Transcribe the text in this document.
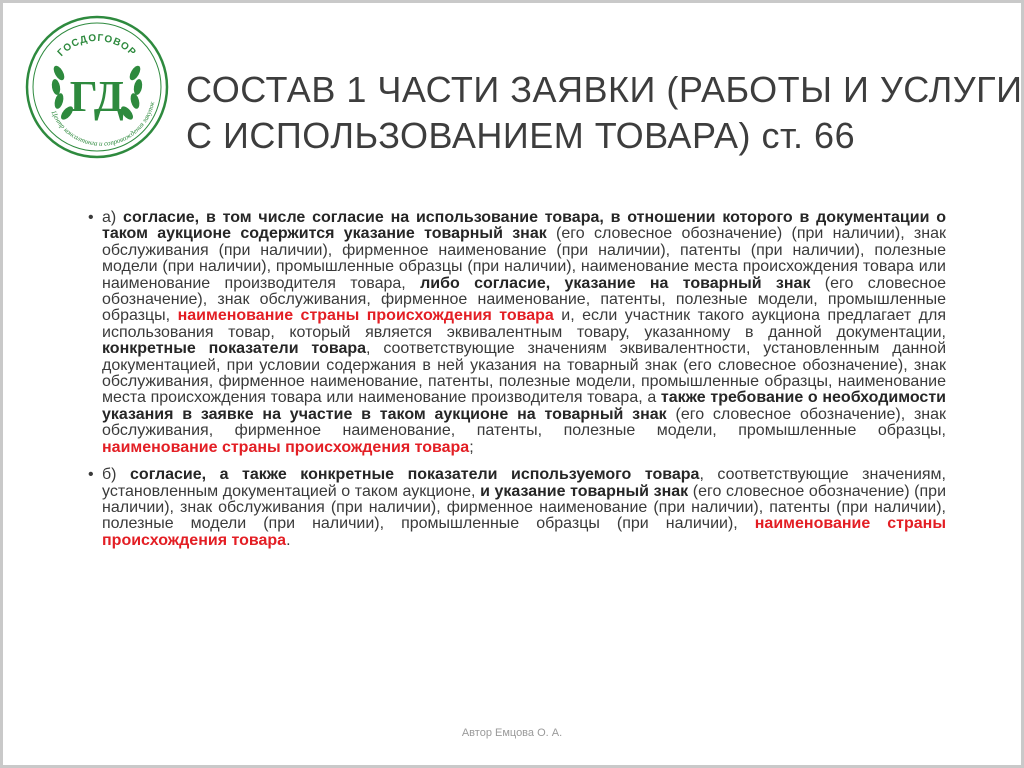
ГОСДОГОВОР
Центр консалтинга и сопровождения закупок
ГД СОСТАВ 1 ЧАСТИ ЗАЯВКИ (РАБОТЫ И УСЛУГИ
С ИСПОЛЬЗОВАНИЕМ ТОВАРА) ст. 66
• а) согласие, в том числе согласие на использование товара, в отношении которого в документации о таком аукционе содержится указание товарный знак (его словесное обозначение) (при наличии), знак обслуживания (при наличии), фирменное наименование (при наличии), патенты (при наличии), полезные модели (при наличии), промышленные образцы (при наличии), наименование места происхождения товара или наименование производителя товара, либо согласие, указание на товарный знак (его словесное обозначение), знак обслуживания, фирменное наименование, патенты, полезные модели, промышленные образцы, наименование страны происхождения товара и, если участник такого аукциона предлагает для использования товар, который является эквивалентным товару, указанному в данной документации, конкретные показатели товара, соответствующие значениям эквивалентности, установленным данной документацией, при условии содержания в ней указания на товарный знак (его словесное обозначение), знак обслуживания, фирменное наименование, патенты, полезные модели, промышленные образцы, наименование места происхождения товара или наименование производителя товара, а также требование о необходимости указания в заявке на участие в таком аукционе на товарный знак (его словесное обозначение), знак обслуживания, фирменное наименование, патенты, полезные модели, промышленные образцы, наименование страны происхождения товара;
• б) согласие, а также конкретные показатели используемого товара, соответствующие значениям, установленным документацией о таком аукционе, и указание товарный знак (его словесное обозначение) (при наличии), знак обслуживания (при наличии), фирменное наименование (при наличии), патенты (при наличии), полезные модели (при наличии), промышленные образцы (при наличии), наименование страны происхождения товара.
Автор Емцова О. А.
